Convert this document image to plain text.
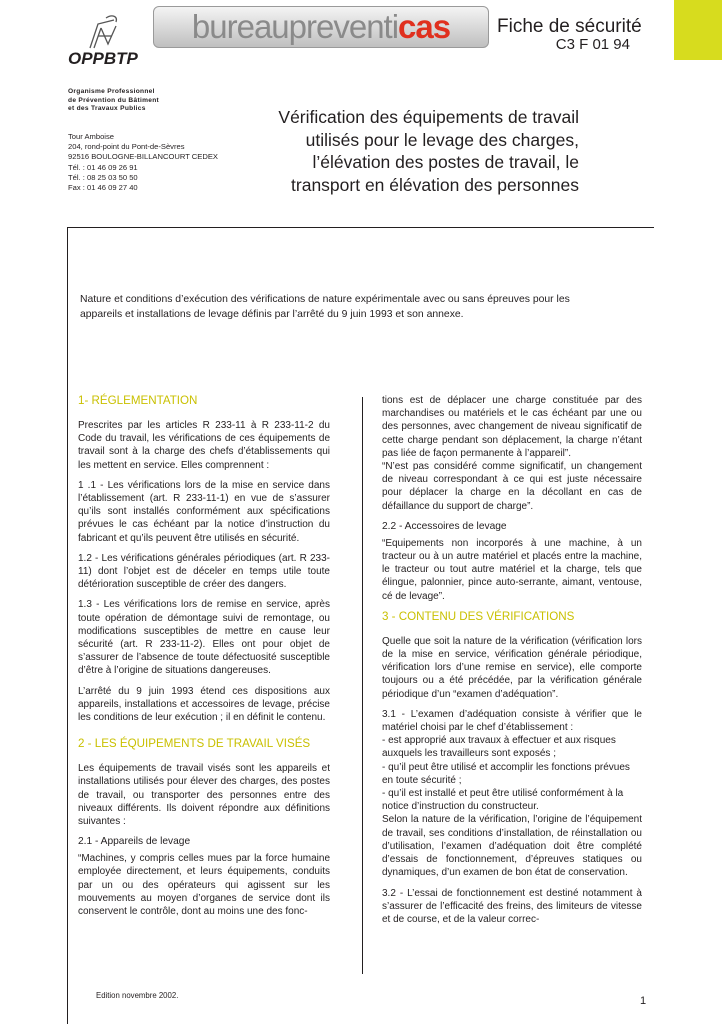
bureaupreventicas Fiche de sécurité
C3 F 01 94
OPPBTP
Organisme Professionnel
de Prévention du Bâtiment
et des Travaux Publics
Tour Amboise
204, rond-point du Pont-de-Sèvres
92516 BOULOGNE-BILLANCOURT CEDEX
Tél. : 01 46 09 26 91
Tél. : 08 25 03 50 50
Fax : 01 46 09 27 40
Vérification des équipements de travail
utilisés pour le levage des charges,
l’élévation des postes de travail, le
transport en élévation des personnes
Nature et conditions d’exécution des vérifications de nature expérimentale avec ou sans épreuves pour les appareils et installations de levage définis par l’arrêté du 9 juin 1993 et son annexe.
1- RÉGLEMENTATION

Prescrites par les articles R 233-11 à R 233-11-2 du Code du travail, les vérifications de ces équipements de travail sont à la charge des chefs d’établissements qui les mettent en service. Elles comprennent :

1 .1 - Les vérifications lors de la mise en service dans l’établissement (art. R 233-11-1) en vue de s’assurer qu’ils sont installés conformément aux spécifications prévues le cas échéant par la notice d’instruction du fabricant et qu’ils peuvent être utilisés en sécurité.

1.2 - Les vérifications générales périodiques (art. R 233-11) dont l’objet est de déceler en temps utile toute détérioration susceptible de créer des dangers.

1.3 - Les vérifications lors de remise en service, après toute opération de démontage suivi de remontage, ou modifications susceptibles de mettre en cause leur sécurité (art. R 233-11-2). Elles ont pour objet de s’assurer de l’absence de toute défectuosité susceptible d’être à l’origine de situations dangereuses.

L’arrêté du 9 juin 1993 étend ces dispositions aux appareils, installations et accessoires de levage, précise les conditions de leur exécution ; il en définit le contenu.

2 - LES ÉQUIPEMENTS DE TRAVAIL VISÉS

Les équipements de travail visés sont les appareils et installations utilisés pour élever des charges, des postes de travail, ou transporter des personnes entre des niveaux différents. Ils doivent répondre aux définitions suivantes :

2.1 - Appareils de levage

“Machines, y compris celles mues par la force humaine employée directement, et leurs équipements, conduits par un ou des opérateurs qui agissent sur les mouvements au moyen d’organes de service dont ils conservent le contrôle, dont au moins une des fonc-

tions est de déplacer une charge constituée par des marchandises ou matériels et le cas échéant par une ou des personnes, avec changement de niveau significatif de cette charge pendant son déplacement, la charge n’étant pas liée de façon permanente à l’appareil”.

“N’est pas considéré comme significatif, un changement de niveau correspondant à ce qui est juste nécessaire pour déplacer la charge en la décollant en cas de défaillance du support de charge”.

2.2 - Accessoires de levage

“Equipements non incorporés à une machine, à un tracteur ou à un autre matériel et placés entre la machine, le tracteur ou tout autre matériel et la charge, tels que élingue, palonnier, pince auto-serrante, aimant, ventouse, cé de levage”.

3 - CONTENU DES VÉRIFICATIONS

Quelle que soit la nature de la vérification (vérification lors de la mise en service, vérification générale périodique, vérification lors d’une remise en service), elle comporte toujours ou a été précédée, par la vérification générale périodique d’un “examen d’adéquation”.

3.1 - L’examen d’adéquation consiste à vérifier que le matériel choisi par le chef d’établissement :

- est approprié aux travaux à effectuer et aux risques auxquels les travailleurs sont exposés ;

- qu’il peut être utilisé et accomplir les fonctions prévues en toute sécurité ;

- qu’il est installé et peut être utilisé conformément à la notice d’instruction du constructeur.

Selon la nature de la vérification, l’origine de l’équipement de travail, ses conditions d’installation, de réinstallation ou d’utilisation, l’examen d’adéquation doit être complété d’essais de fonctionnement, d’épreuves statiques ou dynamiques, d’un examen de bon état de conservation.

3.2 - L’essai de fonctionnement est destiné notamment à s’assurer de l’efficacité des freins, des limiteurs de vitesse et de course, et de la valeur correc-

Edition novembre 2002.	1
